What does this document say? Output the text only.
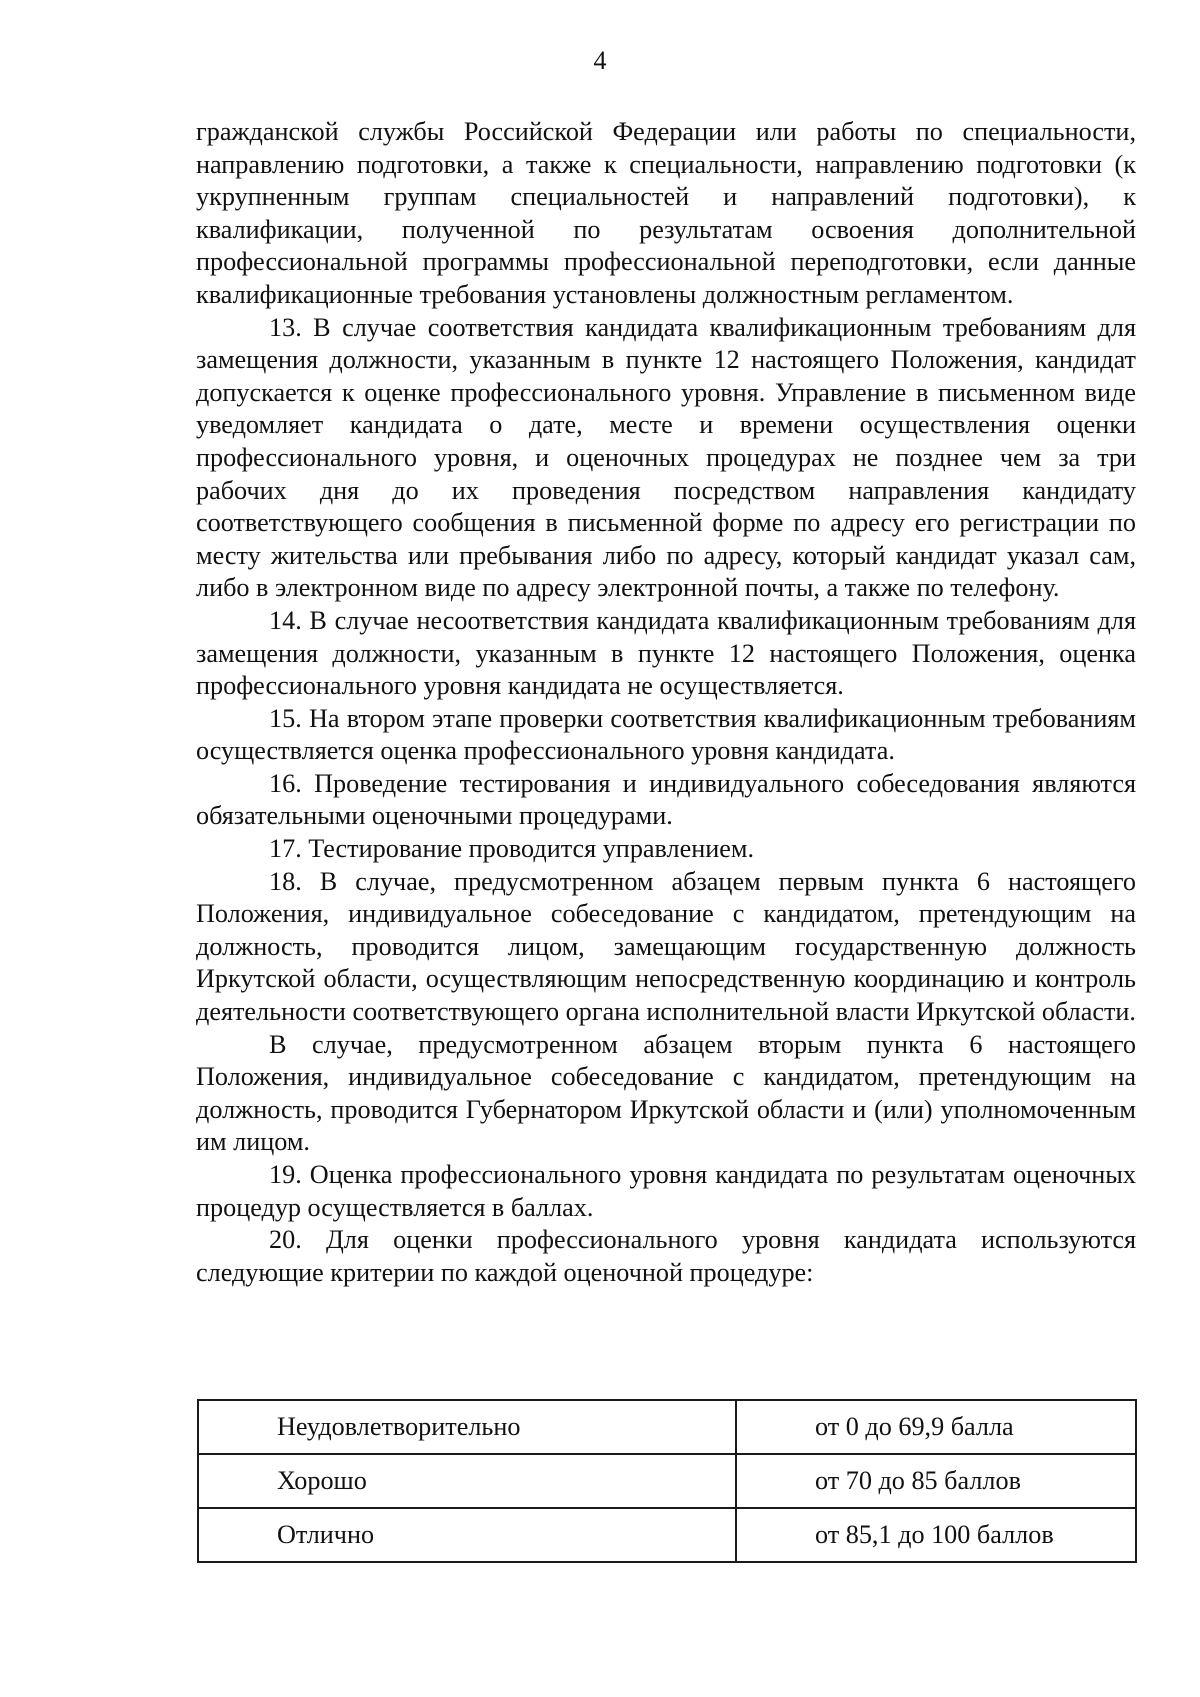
4

гражданской службы Российской Федерации или работы по специальности, направлению подготовки, а также к специальности, направлению подготовки (к укрупненным группам специальностей и направлений подготовки), к квалификации, полученной по результатам освоения дополнительной профессиональной программы профессиональной переподготовки, если данные квалификационные требования установлены должностным регламентом.

13. В случае соответствия кандидата квалификационным требованиям для замещения должности, указанным в пункте 12 настоящего Положения, кандидат допускается к оценке профессионального уровня. Управление в письменном виде уведомляет кандидата о дате, месте и времени осуществления оценки профессионального уровня, и оценочных процедурах не позднее чем за три рабочих дня до их проведения посредством направления кандидату соответствующего сообщения в письменной форме по адресу его регистрации по месту жительства или пребывания либо по адресу, который кандидат указал сам, либо в электронном виде по адресу электронной почты, а также по телефону.

14. В случае несоответствия кандидата квалификационным требованиям для замещения должности, указанным в пункте 12 настоящего Положения, оценка профессионального уровня кандидата не осуществляется.

15. На втором этапе проверки соответствия квалификационным требованиям осуществляется оценка профессионального уровня кандидата.

16. Проведение тестирования и индивидуального собеседования являются обязательными оценочными процедурами.

17. Тестирование проводится управлением.

18. В случае, предусмотренном абзацем первым пункта 6 настоящего Положения, индивидуальное собеседование с кандидатом, претендующим на должность, проводится лицом, замещающим государственную должность Иркутской области, осуществляющим непосредственную координацию и контроль деятельности соответствующего органа исполнительной власти Иркутской области.

В случае, предусмотренном абзацем вторым пункта 6 настоящего Положения, индивидуальное собеседование с кандидатом, претендующим на должность, проводится Губернатором Иркутской области и (или) уполномоченным им лицом.

19. Оценка профессионального уровня кандидата по результатам оценочных процедур осуществляется в баллах.

20. Для оценки профессионального уровня кандидата используются следующие критерии по каждой оценочной процедуре:

Неудовлетворительно	от 0 до 69,9 балла
Хорошо	от 70 до 85 баллов
Отлично	от 85,1 до 100 баллов
